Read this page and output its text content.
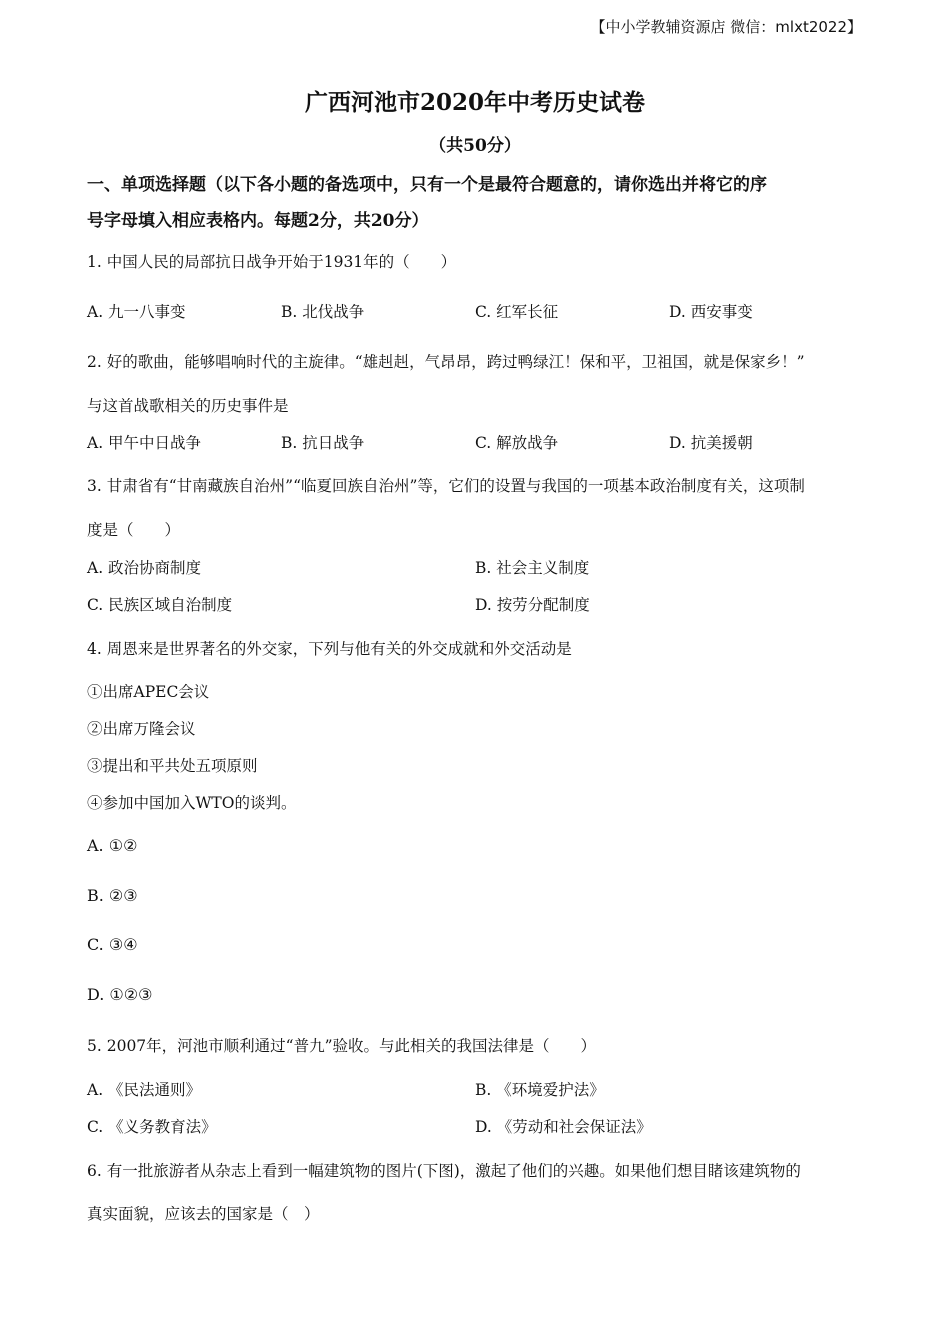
【中小学教辅资源店 微信：mlxt2022】
广西河池市2020年中考历史试卷
（共50分）
一、单项选择题（以下各小题的备选项中，只有一个是最符合题意的，请你选出并将它的序
号字母填入相应表格内。每题2分，共20分）
1. 中国人民的局部抗日战争开始于1931年的（　　）
A. 九一八事变	B. 北伐战争	C. 红军长征	D. 西安事变
2. 好的歌曲，能够唱响时代的主旋律。“雄赳赳，气昂昂，跨过鸭绿江！保和平，卫祖国，就是保家乡！”
与这首战歌相关的历史事件是
A. 甲午中日战争	B. 抗日战争	C. 解放战争	D. 抗美援朝
3. 甘肃省有“甘南藏族自治州”“临夏回族自治州”等，它们的设置与我国的一项基本政治制度有关，这项制
度是（　　）
A. 政治协商制度	B. 社会主义制度
C. 民族区域自治制度	D. 按劳分配制度
4. 周恩来是世界著名的外交家，下列与他有关的外交成就和外交活动是
①出席APEC会议
②出席万隆会议
③提出和平共处五项原则
④参加中国加入WTO的谈判。
A. ①②
B. ②③
C. ③④
D. ①②③
5. 2007年，河池市顺利通过“普九”验收。与此相关的我国法律是（　　）
A. 《民法通则》	B. 《环境爱护法》
C. 《义务教育法》	D. 《劳动和社会保证法》
6. 有一批旅游者从杂志上看到一幅建筑物的图片(下图)，激起了他们的兴趣。如果他们想目睹该建筑物的
真实面貌，应该去的国家是（　）
